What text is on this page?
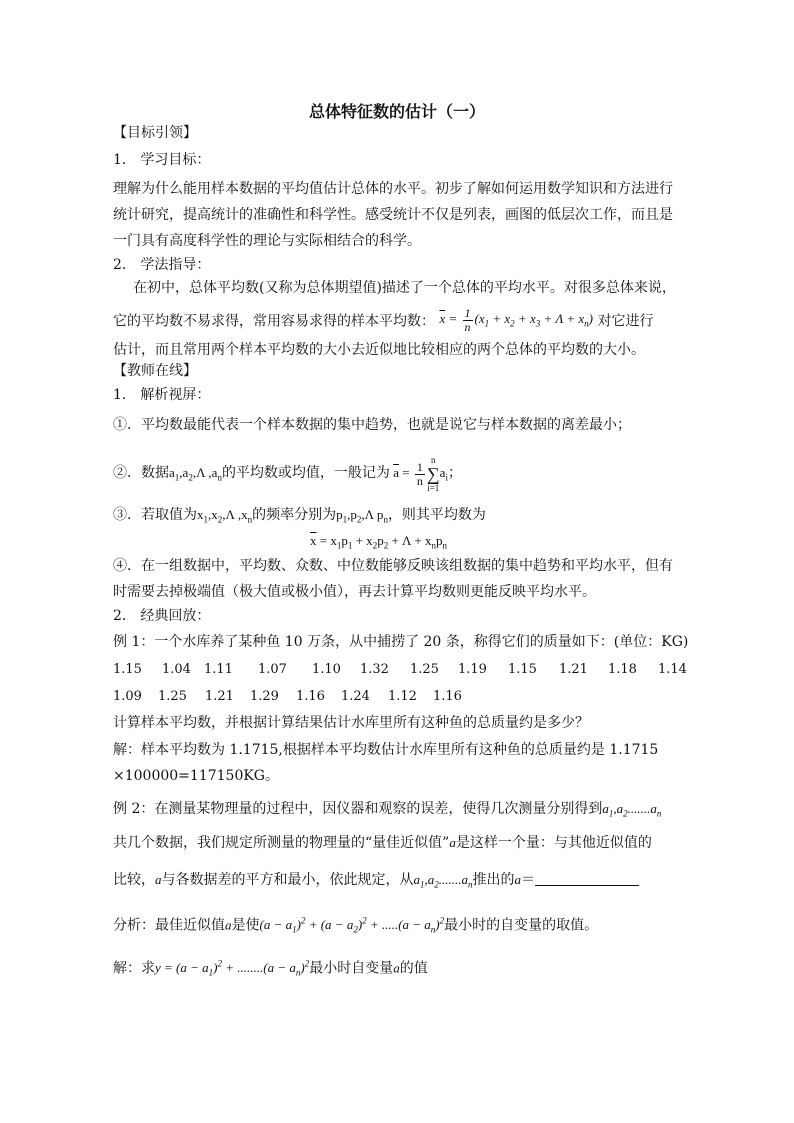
总体特征数的估计（一）
【目标引领】
1． 学习目标：
理解为什么能用样本数据的平均值估计总体的水平。初步了解如何运用数学知识和方法进行
统计研究，提高统计的准确性和科学性。感受统计不仅是列表，画图的低层次工作，而且是
一门具有高度科学性的理论与实际相结合的科学。
2． 学法指导：
在初中，总体平均数(又称为总体期望值)描述了一个总体的平均水平。对很多总体来说，
它的平均数不易求得，常用容易求得的样本平均数： $\overline{x} = \frac{1}{n} (x_1 + x_2 + x_3 + \Lambda + x_n)$ 对它进行
估计，而且常用两个样本平均数的大小去近似地比较相应的两个总体的平均数的大小。
【教师在线】
1． 解析视屏：
①．平均数最能代表一个样本数据的集中趋势，也就是说它与样本数据的离差最小；
②．数据$a_1,a_2,\Lambda$ $,a_n$的平均数或均值，一般记为 $\overline{a} = \frac{1}{n}$
n
∑
$i=1a_i$；
③．若取值为$x_1,x_2,\Lambda$ $,x_n$的频率分别为$p_1,p_2,\Lambda$ $p_n$，则其平均数为
$\overline{x} = x_1p_1 + x_2p_2 + \Lambda + x_np_n$
④．在一组数据中，平均数、众数、中位数能够反映该组数据的集中趋势和平均水平，但有
时需要去掉极端值（极大值或极小值），再去计算平均数则更能反映平均水平。
2． 经典回放：
例 1：一个水库养了某种鱼 10 万条，从中捕捞了 20 条，称得它们的质量如下：(单位：KG)
1.15 1.04 1.11 1.07 1.10 1.32 1.25 1.19 1.15 1.21 1.18 1.14
1.09 1.25 1.21 1.29 1.16 1.24 1.12 1.16
计算样本平均数，并根据计算结果估计水库里所有这种鱼的总质量约是多少？
解：样本平均数为 1.1715,根据样本平均数估计水库里所有这种鱼的总质量约是 1.1715
×100000=117150KG。
例 2：在测量某物理量的过程中，因仪器和观察的误差，使得几次测量分别得到$a_1,a_2.......a_n$
共几个数据，我们规定所测量的物理量的“量佳近似值”a是这样一个量：与其他近似值的
比较，a与各数据差的平方和最小，依此规定，从$a_1,a_2.......a_n$推出的a＝
分析：最佳近似值a是使$(a - a_1)^2 + (a - a_2)^2 + .....(a - a_n)^2$最小时的自变量的取值。
解：求$y = (a - a_1)^2 + ........(a - a_n)^2$最小时自变量a的值
